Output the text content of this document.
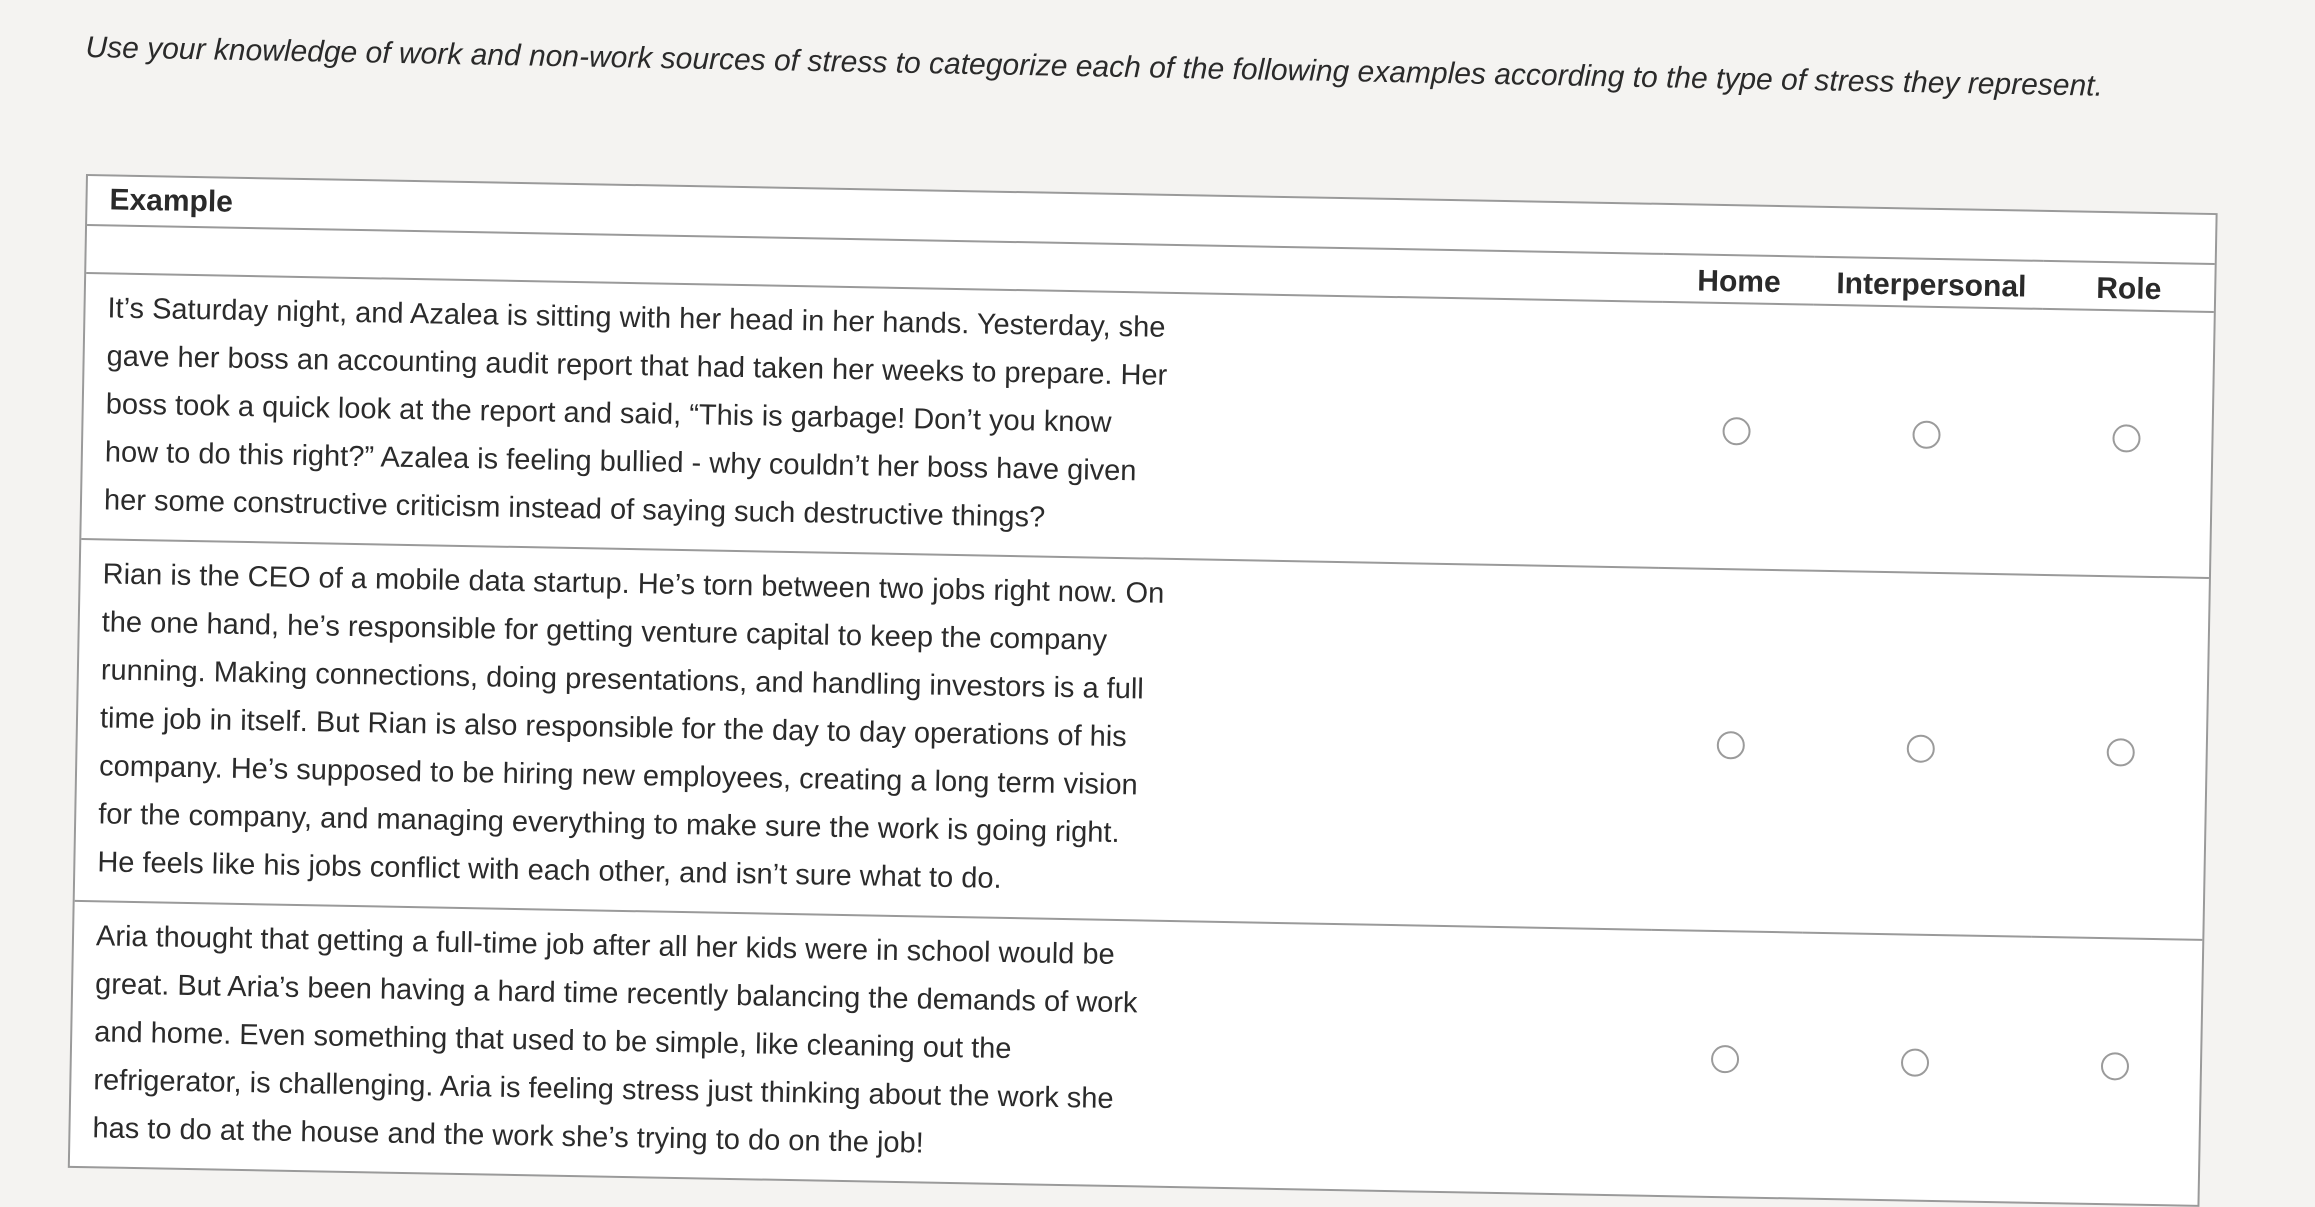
Use your knowledge of work and non-work sources of stress to categorize each of the following examples according to the type of stress they represent.
Example			
	Home	Interpersonal	Role
It’s Saturday night, and Azalea is sitting with her head in her hands. Yesterday, she gave her boss an accounting audit report that had taken her weeks to prepare. Her boss took a quick look at the report and said, “This is garbage! Don’t you know how to do this right?” Azalea is feeling bullied - why couldn’t her boss have given her some constructive criticism instead of saying such destructive things?			
Rian is the CEO of a mobile data startup. He’s torn between two jobs right now. On the one hand, he’s responsible for getting venture capital to keep the company running. Making connections, doing presentations, and handling investors is a full time job in itself. But Rian is also responsible for the day to day operations of his company. He’s supposed to be hiring new employees, creating a long term vision for the company, and managing everything to make sure the work is going right. He feels like his jobs conflict with each other, and isn’t sure what to do.			
Aria thought that getting a full-time job after all her kids were in school would be great. But Aria’s been having a hard time recently balancing the demands of work and home. Even something that used to be simple, like cleaning out the refrigerator, is challenging. Aria is feeling stress just thinking about the work she has to do at the house and the work she’s trying to do on the job!			
